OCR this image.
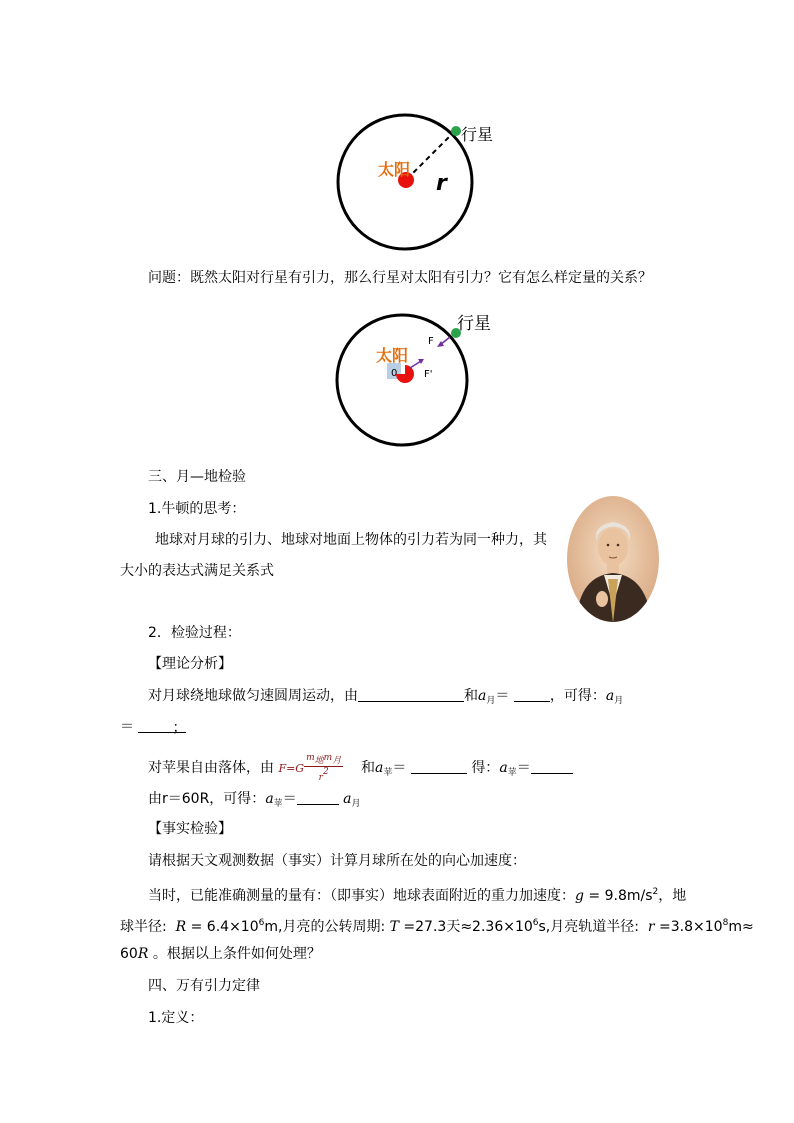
太阳
行星
r
问题：既然太阳对行星有引力，那么行星对太阳有引力？它有怎么样定量的关系？
0
太阳
行星
F
F'
三、月—地检验
1.牛顿的思考：
地球对月球的引力、地球对地面上物体的引力若为同一种力，其
大小的表达式满足关系式
2．检验过程：
【理论分析】
对月球绕地球做匀速圆周运动，由	和$a_月=$	，可得：$a_月$
＝	；
对苹果自由落体，由 $F=G \frac{\text{m地m月}}{r2}$ 和$a_苹=$	得：$a_苹=$
由r＝60R，可得：$a_苹=$	$a_月$
【事实检验】
请根据天文观测数据（事实）计算月球所在处的向心加速度：
当时，已能准确测量的量有：（即事实）地球表面附近的重力加速度：$g = 9.8m/s^2$，地
球半径: $R = 6.4\times 10^6m$,月亮的公转周期: T =27.3天$\approx 2.36\times 10^6s$,月亮轨道半径: $r =3.8\times 10^8m\approx$
60R 。根据以上条件如何处理？
四、万有引力定律
1.定义：
